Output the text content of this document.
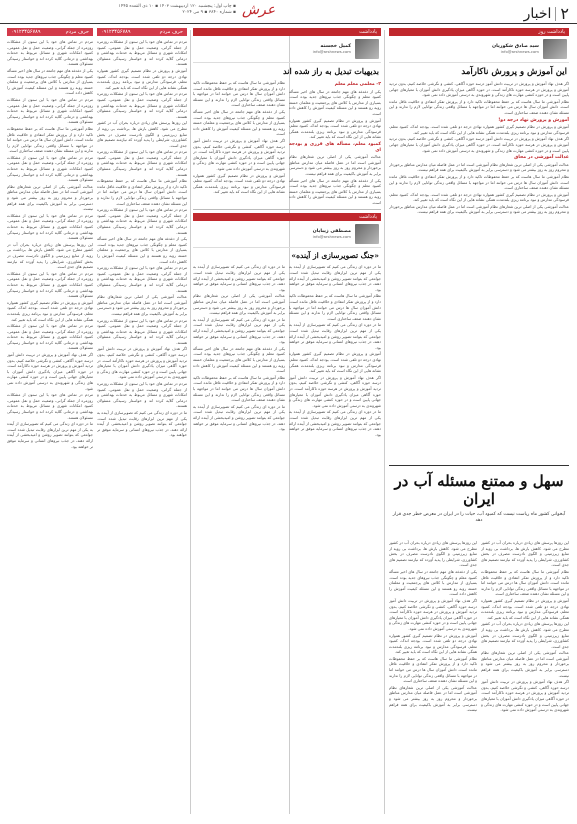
۲
اخبار
عرش
▪ چاپ اول: پنجشنبه ۱۲۰ اردیبهشت ۱۴۰۳ ▪ ۱۰ ذی القعده ۱۴۴۵
▪ شماره ۳۸۴۰ ▪ ۹ می ۲۰۲۴
یادداشت روز
سید صادق شکوریان
info@arshnews.com
این آموزش و پرورش ناکارآمد

اگر هدف نهاد آموزش و پرورش در تربیت دانش آموز درسه حوزه آگاهی، کنشی و نگرشی خلاصه کنیم، بدون تردید آموزش و پرورش در هرسه حوزه ناکارآمد است. در حوزه آگاهی میزان یادگیری دانش آموزان با معیارهای جهانی پایین است و در حوزه کنشی مهارت های زندگی و شهروندی به درستی آموزش داده نمی شود.

نظام آموزشی ما سال هاست که بر حفظ محفوظات تاکید دارد و از پرورش تفکر انتقادی و خلاقیت غافل مانده است. دانش آموزان سال ها درس می خوانند اما در مواجهه با مسائل واقعی زندگی توانایی لازم را ندارند و این مسئله نشان دهنده ضعف ساختاری است.

آموزش و پرورش نهاد درجه دو!

آموزش و پرورش در نظام تصمیم گیری کشور همواره نهادی درجه دو تلقی شده است. بودجه اندک، کمبود معلم، فرسودگی مدارس و نبود برنامه ریزی بلندمدت همگی نشانه هایی از این نگاه است که باید تغییر کند.

اگر هدف نهاد آموزش و پرورش در تربیت دانش آموز درسه حوزه آگاهی، کنشی و نگرشی خلاصه کنیم، بدون تردید آموزش و پرورش در هرسه حوزه ناکارآمد است. در حوزه آگاهی میزان یادگیری دانش آموزان با معیارهای جهانی پایین است و در حوزه کنشی مهارت های زندگی و شهروندی به درستی آموزش داده نمی شود.

عدالت آموزشی در محاق

عدالت آموزشی یکی از اصلی ترین شعارهای نظام آموزشی است اما در عمل فاصله میان مدارس مناطق برخوردار و محروم روز به روز بیشتر می شود و دسترسی برابر به آموزش باکیفیت برای همه فراهم نیست.

نظام آموزشی ما سال هاست که بر حفظ محفوظات تاکید دارد و از پرورش تفکر انتقادی و خلاقیت غافل مانده است. دانش آموزان سال ها درس می خوانند اما در مواجهه با مسائل واقعی زندگی توانایی لازم را ندارند و این مسئله نشان دهنده ضعف ساختاری است.

آموزش و پرورش در نظام تصمیم گیری کشور همواره نهادی درجه دو تلقی شده است. بودجه اندک، کمبود معلم، فرسودگی مدارس و نبود برنامه ریزی بلندمدت همگی نشانه هایی از این نگاه است که باید تغییر کند.

عدالت آموزشی یکی از اصلی ترین شعارهای نظام آموزشی است اما در عمل فاصله میان مدارس مناطق برخوردار و محروم روز به روز بیشتر می شود و دسترسی برابر به آموزش باکیفیت برای همه فراهم نیست.

سهل و ممتنع مسئله آب در ایران
آبخوانی کشور ماه ریاست نیست که کمبود آب، حیات را در ایران در معرض خطر جدی قرار دهد

این روزها پرسش های زیادی درباره بحران آب در کشور مطرح می شود. کاهش بارش ها، برداشت بی رویه از منابع زیرزمینی و الگوی نادرست مصرف در بخش کشاورزی، شرایطی را پدید آورده که نیازمند تصمیم های جدی است.

نظام آموزشی ما سال هاست که بر حفظ محفوظات تاکید دارد و از پرورش تفکر انتقادی و خلاقیت غافل مانده است. دانش آموزان سال ها درس می خوانند اما در مواجهه با مسائل واقعی زندگی توانایی لازم را ندارند و این مسئله نشان دهنده ضعف ساختاری است.

آموزش و پرورش در نظام تصمیم گیری کشور همواره نهادی درجه دو تلقی شده است. بودجه اندک، کمبود معلم، فرسودگی مدارس و نبود برنامه ریزی بلندمدت همگی نشانه هایی از این نگاه است که باید تغییر کند.

این روزها پرسش های زیادی درباره بحران آب در کشور مطرح می شود. کاهش بارش ها، برداشت بی رویه از منابع زیرزمینی و الگوی نادرست مصرف در بخش کشاورزی، شرایطی را پدید آورده که نیازمند تصمیم های جدی است.

عدالت آموزشی یکی از اصلی ترین شعارهای نظام آموزشی است اما در عمل فاصله میان مدارس مناطق برخوردار و محروم روز به روز بیشتر می شود و دسترسی برابر به آموزش باکیفیت برای همه فراهم نیست.

اگر هدف نهاد آموزش و پرورش در تربیت دانش آموز درسه حوزه آگاهی، کنشی و نگرشی خلاصه کنیم، بدون تردید آموزش و پرورش در هرسه حوزه ناکارآمد است. در حوزه آگاهی میزان یادگیری دانش آموزان با معیارهای جهانی پایین است و در حوزه کنشی مهارت های زندگی و شهروندی به درستی آموزش داده نمی شود.

این روزها پرسش های زیادی درباره بحران آب در کشور مطرح می شود. کاهش بارش ها، برداشت بی رویه از منابع زیرزمینی و الگوی نادرست مصرف در بخش کشاورزی، شرایطی را پدید آورده که نیازمند تصمیم های جدی است.

یکی از دغدغه های مهم جامعه در سال های اخیر مسأله کمبود معلم و چگونگی جذب نیروهای جدید بوده است. بسیاری از مدارس با کلاس های پرجمعیت و معلمان خسته روبه رو هستند و این مسئله کیفیت آموزش را کاهش داده است.

اگر هدف نهاد آموزش و پرورش در تربیت دانش آموز درسه حوزه آگاهی، کنشی و نگرشی خلاصه کنیم، بدون تردید آموزش و پرورش در هرسه حوزه ناکارآمد است. در حوزه آگاهی میزان یادگیری دانش آموزان با معیارهای جهانی پایین است و در حوزه کنشی مهارت های زندگی و شهروندی به درستی آموزش داده نمی شود.

آموزش و پرورش در نظام تصمیم گیری کشور همواره نهادی درجه دو تلقی شده است. بودجه اندک، کمبود معلم، فرسودگی مدارس و نبود برنامه ریزی بلندمدت همگی نشانه هایی از این نگاه است که باید تغییر کند.

نظام آموزشی ما سال هاست که بر حفظ محفوظات تاکید دارد و از پرورش تفکر انتقادی و خلاقیت غافل مانده است. دانش آموزان سال ها درس می خوانند اما در مواجهه با مسائل واقعی زندگی توانایی لازم را ندارند و این مسئله نشان دهنده ضعف ساختاری است.

عدالت آموزشی یکی از اصلی ترین شعارهای نظام آموزشی است اما در عمل فاصله میان مدارس مناطق برخوردار و محروم روز به روز بیشتر می شود و دسترسی برابر به آموزش باکیفیت برای همه فراهم نیست.

یادداشت
کمیل خجسته
info@arshnews.com
بدیهیات تبدیل به راز شده اند
۲- معلمی معلم معلم

یکی از دغدغه های مهم جامعه در سال های اخیر مسأله کمبود معلم و چگونگی جذب نیروهای جدید بوده است. بسیاری از مدارس با کلاس های پرجمعیت و معلمان خسته روبه رو هستند و این مسئله کیفیت آموزش را کاهش داده است.

آموزش و پرورش در نظام تصمیم گیری کشور همواره نهادی درجه دو تلقی شده است. بودجه اندک، کمبود معلم، فرسودگی مدارس و نبود برنامه ریزی بلندمدت همگی نشانه هایی از این نگاه است که باید تغییر کند.

کمبود معلم، مسأله های فرزی و بودجه ای

عدالت آموزشی یکی از اصلی ترین شعارهای نظام آموزشی است اما در عمل فاصله میان مدارس مناطق برخوردار و محروم روز به روز بیشتر می شود و دسترسی برابر به آموزش باکیفیت برای همه فراهم نیست.

یکی از دغدغه های مهم جامعه در سال های اخیر مسأله کمبود معلم و چگونگی جذب نیروهای جدید بوده است. بسیاری از مدارس با کلاس های پرجمعیت و معلمان خسته روبه رو هستند و این مسئله کیفیت آموزش را کاهش داده است.

نظام آموزشی ما سال هاست که بر حفظ محفوظات تاکید دارد و از پرورش تفکر انتقادی و خلاقیت غافل مانده است. دانش آموزان سال ها درس می خوانند اما در مواجهه با مسائل واقعی زندگی توانایی لازم را ندارند و این مسئله نشان دهنده ضعف ساختاری است.

یکی از دغدغه های مهم جامعه در سال های اخیر مسأله کمبود معلم و چگونگی جذب نیروهای جدید بوده است. بسیاری از مدارس با کلاس های پرجمعیت و معلمان خسته روبه رو هستند و این مسئله کیفیت آموزش را کاهش داده است.

اگر هدف نهاد آموزش و پرورش در تربیت دانش آموز درسه حوزه آگاهی، کنشی و نگرشی خلاصه کنیم، بدون تردید آموزش و پرورش در هرسه حوزه ناکارآمد است. در حوزه آگاهی میزان یادگیری دانش آموزان با معیارهای جهانی پایین است و در حوزه کنشی مهارت های زندگی و شهروندی به درستی آموزش داده نمی شود.

آموزش و پرورش در نظام تصمیم گیری کشور همواره نهادی درجه دو تلقی شده است. بودجه اندک، کمبود معلم، فرسودگی مدارس و نبود برنامه ریزی بلندمدت همگی نشانه هایی از این نگاه است که باید تغییر کند.

یادداشت
مصطفی زیبایان
info@arshnews.com
«جنگ تصویرسازی از آینده»

ما در دوره ای زندگی می کنیم که تصویرسازی از آینده به یکی از مهم ترین ابزارهای رقابت تبدیل شده است. جوامعی که بتوانند تصویر روشن و امیدبخشی از آینده ارائه دهند، در جذب نیروهای انسانی و سرمایه موفق تر خواهند بود.

نظام آموزشی ما سال هاست که بر حفظ محفوظات تاکید دارد و از پرورش تفکر انتقادی و خلاقیت غافل مانده است. دانش آموزان سال ها درس می خوانند اما در مواجهه با مسائل واقعی زندگی توانایی لازم را ندارند و این مسئله نشان دهنده ضعف ساختاری است.

ما در دوره ای زندگی می کنیم که تصویرسازی از آینده به یکی از مهم ترین ابزارهای رقابت تبدیل شده است. جوامعی که بتوانند تصویر روشن و امیدبخشی از آینده ارائه دهند، در جذب نیروهای انسانی و سرمایه موفق تر خواهند بود.

آموزش و پرورش در نظام تصمیم گیری کشور همواره نهادی درجه دو تلقی شده است. بودجه اندک، کمبود معلم، فرسودگی مدارس و نبود برنامه ریزی بلندمدت همگی نشانه هایی از این نگاه است که باید تغییر کند.

اگر هدف نهاد آموزش و پرورش در تربیت دانش آموز درسه حوزه آگاهی، کنشی و نگرشی خلاصه کنیم، بدون تردید آموزش و پرورش در هرسه حوزه ناکارآمد است. در حوزه آگاهی میزان یادگیری دانش آموزان با معیارهای جهانی پایین است و در حوزه کنشی مهارت های زندگی و شهروندی به درستی آموزش داده نمی شود.

ما در دوره ای زندگی می کنیم که تصویرسازی از آینده به یکی از مهم ترین ابزارهای رقابت تبدیل شده است. جوامعی که بتوانند تصویر روشن و امیدبخشی از آینده ارائه دهند، در جذب نیروهای انسانی و سرمایه موفق تر خواهند بود.

ما در دوره ای زندگی می کنیم که تصویرسازی از آینده به یکی از مهم ترین ابزارهای رقابت تبدیل شده است. جوامعی که بتوانند تصویر روشن و امیدبخشی از آینده ارائه دهند، در جذب نیروهای انسانی و سرمایه موفق تر خواهند بود.

عدالت آموزشی یکی از اصلی ترین شعارهای نظام آموزشی است اما در عمل فاصله میان مدارس مناطق برخوردار و محروم روز به روز بیشتر می شود و دسترسی برابر به آموزش باکیفیت برای همه فراهم نیست.

ما در دوره ای زندگی می کنیم که تصویرسازی از آینده به یکی از مهم ترین ابزارهای رقابت تبدیل شده است. جوامعی که بتوانند تصویر روشن و امیدبخشی از آینده ارائه دهند، در جذب نیروهای انسانی و سرمایه موفق تر خواهند بود.

یکی از دغدغه های مهم جامعه در سال های اخیر مسأله کمبود معلم و چگونگی جذب نیروهای جدید بوده است. بسیاری از مدارس با کلاس های پرجمعیت و معلمان خسته روبه رو هستند و این مسئله کیفیت آموزش را کاهش داده است.

نظام آموزشی ما سال هاست که بر حفظ محفوظات تاکید دارد و از پرورش تفکر انتقادی و خلاقیت غافل مانده است. دانش آموزان سال ها درس می خوانند اما در مواجهه با مسائل واقعی زندگی توانایی لازم را ندارند و این مسئله نشان دهنده ضعف ساختاری است.

ما در دوره ای زندگی می کنیم که تصویرسازی از آینده به یکی از مهم ترین ابزارهای رقابت تبدیل شده است. جوامعی که بتوانند تصویر روشن و امیدبخشی از آینده ارائه دهند، در جذب نیروهای انسانی و سرمایه موفق تر خواهند بود.

حرف مردم
۰۹۱۲۳۴۵۶۷۸۹

مردم در تماس های خود با این ستون از مشکلات روزمره از جمله گرانی، وضعیت حمل و نقل عمومی، کمبود امکانات شهری و مسائل مربوط به خدمات بهداشتی و درمانی گلایه کرده اند و خواستار رسیدگی مسئولان هستند.

آموزش و پرورش در نظام تصمیم گیری کشور همواره نهادی درجه دو تلقی شده است. بودجه اندک، کمبود معلم، فرسودگی مدارس و نبود برنامه ریزی بلندمدت همگی نشانه هایی از این نگاه است که باید تغییر کند.

مردم در تماس های خود با این ستون از مشکلات روزمره از جمله گرانی، وضعیت حمل و نقل عمومی، کمبود امکانات شهری و مسائل مربوط به خدمات بهداشتی و درمانی گلایه کرده اند و خواستار رسیدگی مسئولان هستند.

این روزها پرسش های زیادی درباره بحران آب در کشور مطرح می شود. کاهش بارش ها، برداشت بی رویه از منابع زیرزمینی و الگوی نادرست مصرف در بخش کشاورزی، شرایطی را پدید آورده که نیازمند تصمیم های جدی است.

مردم در تماس های خود با این ستون از مشکلات روزمره از جمله گرانی، وضعیت حمل و نقل عمومی، کمبود امکانات شهری و مسائل مربوط به خدمات بهداشتی و درمانی گلایه کرده اند و خواستار رسیدگی مسئولان هستند.

نظام آموزشی ما سال هاست که بر حفظ محفوظات تاکید دارد و از پرورش تفکر انتقادی و خلاقیت غافل مانده است. دانش آموزان سال ها درس می خوانند اما در مواجهه با مسائل واقعی زندگی توانایی لازم را ندارند و این مسئله نشان دهنده ضعف ساختاری است.

مردم در تماس های خود با این ستون از مشکلات روزمره از جمله گرانی، وضعیت حمل و نقل عمومی، کمبود امکانات شهری و مسائل مربوط به خدمات بهداشتی و درمانی گلایه کرده اند و خواستار رسیدگی مسئولان هستند.

یکی از دغدغه های مهم جامعه در سال های اخیر مسأله کمبود معلم و چگونگی جذب نیروهای جدید بوده است. بسیاری از مدارس با کلاس های پرجمعیت و معلمان خسته روبه رو هستند و این مسئله کیفیت آموزش را کاهش داده است.

مردم در تماس های خود با این ستون از مشکلات روزمره از جمله گرانی، وضعیت حمل و نقل عمومی، کمبود امکانات شهری و مسائل مربوط به خدمات بهداشتی و درمانی گلایه کرده اند و خواستار رسیدگی مسئولان هستند.

عدالت آموزشی یکی از اصلی ترین شعارهای نظام آموزشی است اما در عمل فاصله میان مدارس مناطق برخوردار و محروم روز به روز بیشتر می شود و دسترسی برابر به آموزش باکیفیت برای همه فراهم نیست.

مردم در تماس های خود با این ستون از مشکلات روزمره از جمله گرانی، وضعیت حمل و نقل عمومی، کمبود امکانات شهری و مسائل مربوط به خدمات بهداشتی و درمانی گلایه کرده اند و خواستار رسیدگی مسئولان هستند.

اگر هدف نهاد آموزش و پرورش در تربیت دانش آموز درسه حوزه آگاهی، کنشی و نگرشی خلاصه کنیم، بدون تردید آموزش و پرورش در هرسه حوزه ناکارآمد است. در حوزه آگاهی میزان یادگیری دانش آموزان با معیارهای جهانی پایین است و در حوزه کنشی مهارت های زندگی و شهروندی به درستی آموزش داده نمی شود.

مردم در تماس های خود با این ستون از مشکلات روزمره از جمله گرانی، وضعیت حمل و نقل عمومی، کمبود امکانات شهری و مسائل مربوط به خدمات بهداشتی و درمانی گلایه کرده اند و خواستار رسیدگی مسئولان هستند.

ما در دوره ای زندگی می کنیم که تصویرسازی از آینده به یکی از مهم ترین ابزارهای رقابت تبدیل شده است. جوامعی که بتوانند تصویر روشن و امیدبخشی از آینده ارائه دهند، در جذب نیروهای انسانی و سرمایه موفق تر خواهند بود.

حرف مردم
۰۹۱۲۳۴۵۶۷۸۹

مردم در تماس های خود با این ستون از مشکلات روزمره از جمله گرانی، وضعیت حمل و نقل عمومی، کمبود امکانات شهری و مسائل مربوط به خدمات بهداشتی و درمانی گلایه کرده اند و خواستار رسیدگی مسئولان هستند.

یکی از دغدغه های مهم جامعه در سال های اخیر مسأله کمبود معلم و چگونگی جذب نیروهای جدید بوده است. بسیاری از مدارس با کلاس های پرجمعیت و معلمان خسته روبه رو هستند و این مسئله کیفیت آموزش را کاهش داده است.

مردم در تماس های خود با این ستون از مشکلات روزمره از جمله گرانی، وضعیت حمل و نقل عمومی، کمبود امکانات شهری و مسائل مربوط به خدمات بهداشتی و درمانی گلایه کرده اند و خواستار رسیدگی مسئولان هستند.

نظام آموزشی ما سال هاست که بر حفظ محفوظات تاکید دارد و از پرورش تفکر انتقادی و خلاقیت غافل مانده است. دانش آموزان سال ها درس می خوانند اما در مواجهه با مسائل واقعی زندگی توانایی لازم را ندارند و این مسئله نشان دهنده ضعف ساختاری است.

مردم در تماس های خود با این ستون از مشکلات روزمره از جمله گرانی، وضعیت حمل و نقل عمومی، کمبود امکانات شهری و مسائل مربوط به خدمات بهداشتی و درمانی گلایه کرده اند و خواستار رسیدگی مسئولان هستند.

عدالت آموزشی یکی از اصلی ترین شعارهای نظام آموزشی است اما در عمل فاصله میان مدارس مناطق برخوردار و محروم روز به روز بیشتر می شود و دسترسی برابر به آموزش باکیفیت برای همه فراهم نیست.

مردم در تماس های خود با این ستون از مشکلات روزمره از جمله گرانی، وضعیت حمل و نقل عمومی، کمبود امکانات شهری و مسائل مربوط به خدمات بهداشتی و درمانی گلایه کرده اند و خواستار رسیدگی مسئولان هستند.

این روزها پرسش های زیادی درباره بحران آب در کشور مطرح می شود. کاهش بارش ها، برداشت بی رویه از منابع زیرزمینی و الگوی نادرست مصرف در بخش کشاورزی، شرایطی را پدید آورده که نیازمند تصمیم های جدی است.

مردم در تماس های خود با این ستون از مشکلات روزمره از جمله گرانی، وضعیت حمل و نقل عمومی، کمبود امکانات شهری و مسائل مربوط به خدمات بهداشتی و درمانی گلایه کرده اند و خواستار رسیدگی مسئولان هستند.

آموزش و پرورش در نظام تصمیم گیری کشور همواره نهادی درجه دو تلقی شده است. بودجه اندک، کمبود معلم، فرسودگی مدارس و نبود برنامه ریزی بلندمدت همگی نشانه هایی از این نگاه است که باید تغییر کند.

مردم در تماس های خود با این ستون از مشکلات روزمره از جمله گرانی، وضعیت حمل و نقل عمومی، کمبود امکانات شهری و مسائل مربوط به خدمات بهداشتی و درمانی گلایه کرده اند و خواستار رسیدگی مسئولان هستند.

اگر هدف نهاد آموزش و پرورش در تربیت دانش آموز درسه حوزه آگاهی، کنشی و نگرشی خلاصه کنیم، بدون تردید آموزش و پرورش در هرسه حوزه ناکارآمد است. در حوزه آگاهی میزان یادگیری دانش آموزان با معیارهای جهانی پایین است و در حوزه کنشی مهارت های زندگی و شهروندی به درستی آموزش داده نمی شود.

مردم در تماس های خود با این ستون از مشکلات روزمره از جمله گرانی، وضعیت حمل و نقل عمومی، کمبود امکانات شهری و مسائل مربوط به خدمات بهداشتی و درمانی گلایه کرده اند و خواستار رسیدگی مسئولان هستند.

ما در دوره ای زندگی می کنیم که تصویرسازی از آینده به یکی از مهم ترین ابزارهای رقابت تبدیل شده است. جوامعی که بتوانند تصویر روشن و امیدبخشی از آینده ارائه دهند، در جذب نیروهای انسانی و سرمایه موفق تر خواهند بود.
